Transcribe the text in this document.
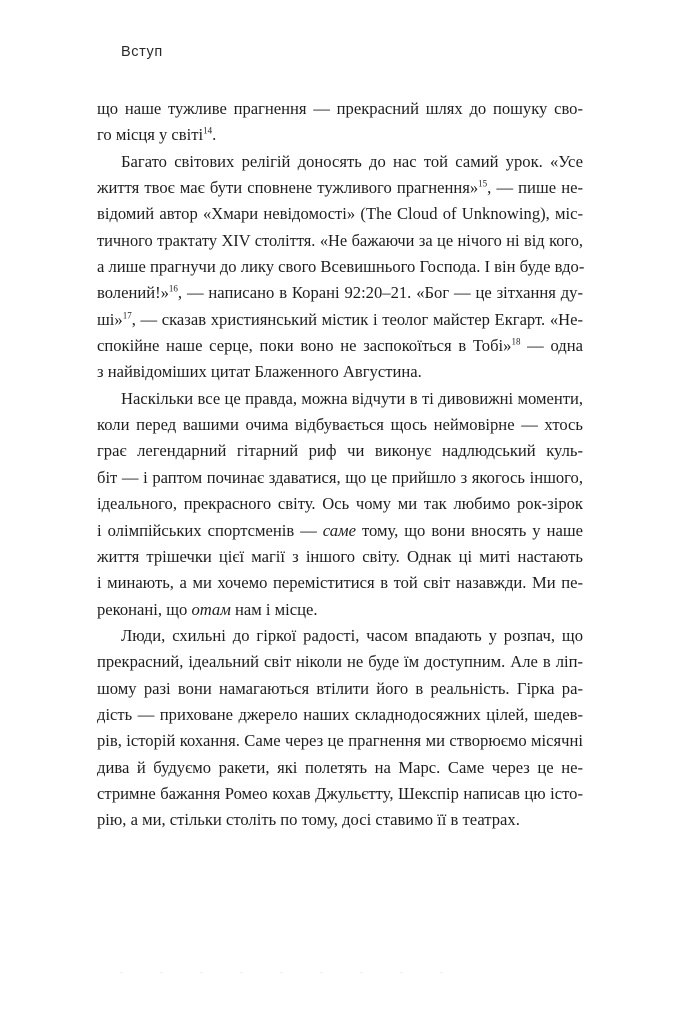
Вступ
що наше тужливе прагнення — прекрасний шлях до пошуку сво-
го місця у світі$^{14}$.
Багато світових релігій доносять до нас той самий урок. «Усе
життя твоє має бути сповнене тужливого прагнення»$^{15}$, — пише не-
відомий автор «Хмари невідомості» (The Cloud of Unknowing), міс-
тичного трактату XIV століття. «Не бажаючи за це нічого ні від кого,
а лише прагнучи до лику свого Всевишнього Господа. І він буде вдо-
волений!»$^{16}$, — написано в Корані 92:20–21. «Бог — це зітхання ду-
ші»$^{17}$, — сказав християнський містик і теолог майстер Екгарт. «Не-
спокійне наше серце, поки воно не заспокоїться в Тобі»$^{18}$ — одна
з найвідоміших цитат Блаженного Августина.
Наскільки все це правда, можна відчути в ті дивовижні моменти,
коли перед вашими очима відбувається щось неймовірне — хтось
грає легендарний гітарний риф чи виконує надлюдський куль-
біт — і раптом починає здаватися, що це прийшло з якогось іншого,
ідеального, прекрасного світу. Ось чому ми так любимо рок-зірок
і олімпійських спортсменів — саме тому, що вони вносять у наше
життя трішечки цієї магії з іншого світу. Однак ці миті настають
і минають, а ми хочемо переміститися в той світ назавжди. Ми пе-
реконані, що отам нам і місце.
Люди, схильні до гіркої радості, часом впадають у розпач, що
прекрасний, ідеальний світ ніколи не буде їм доступним. Але в ліп-
шому разі вони намагаються втілити його в реальність. Гірка ра-
дість — приховане джерело наших складнодосяжних цілей, шедев-
рів, історій кохання. Саме через це прагнення ми створюємо місячні
дива й будуємо ракети, які полетять на Марс. Саме через це не-
стримне бажання Ромео кохав Джульєтту, Шекспір написав цю істо-
рію, а ми, стільки століть по тому, досі ставимо її в театрах.
